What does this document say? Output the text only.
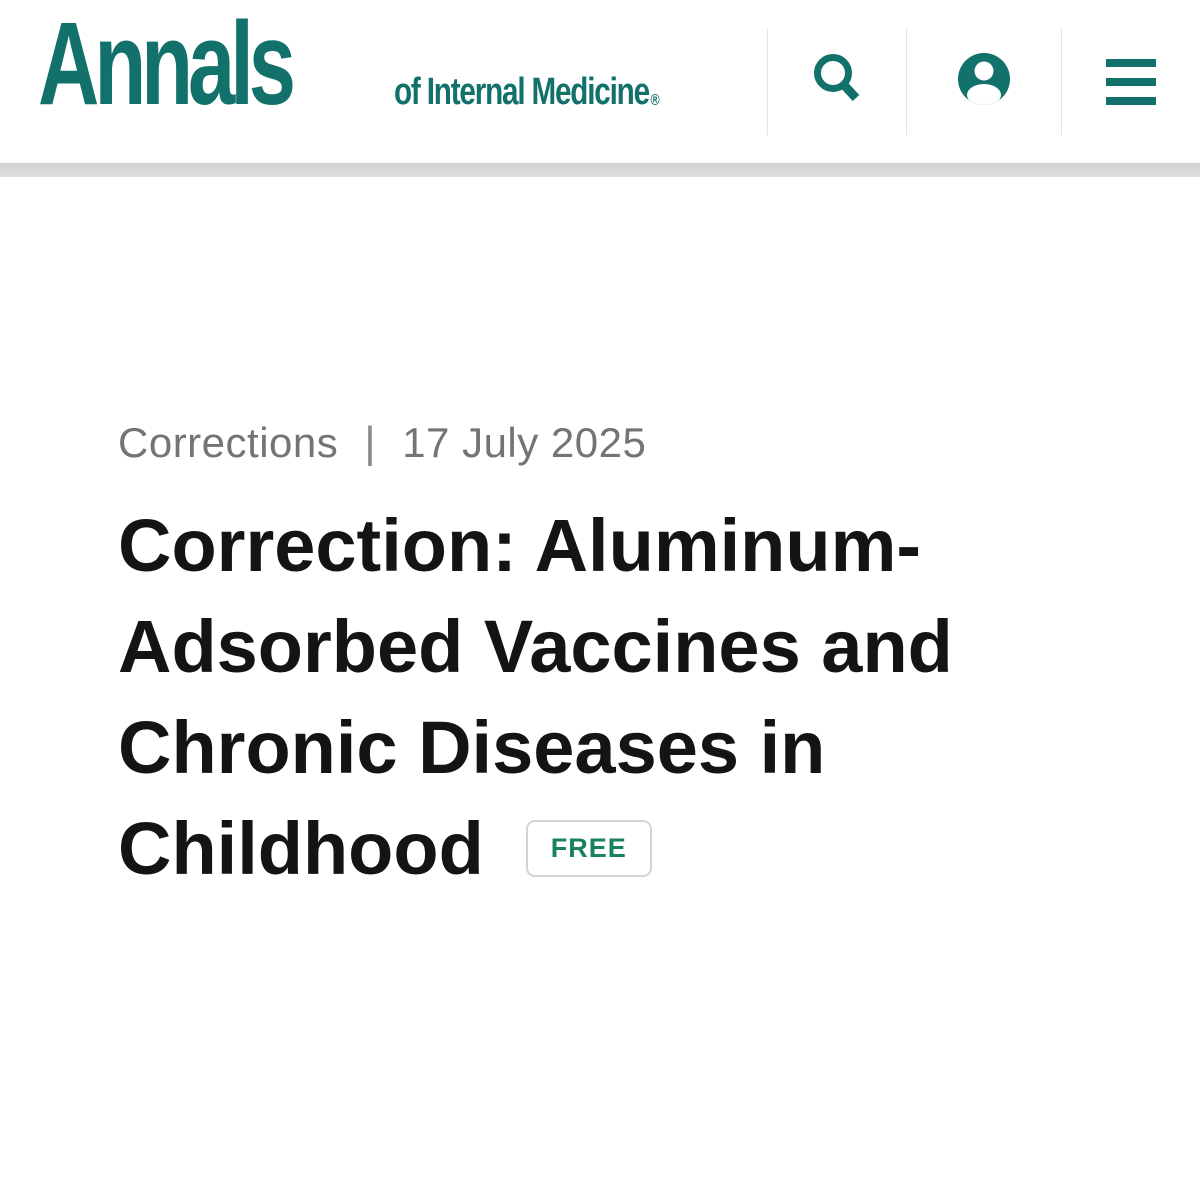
Annals	of Internal Medicine®
Corrections | 17 July 2025
Correction: Aluminum-
Adsorbed Vaccines and
Chronic Diseases in
Childhood	FREE
